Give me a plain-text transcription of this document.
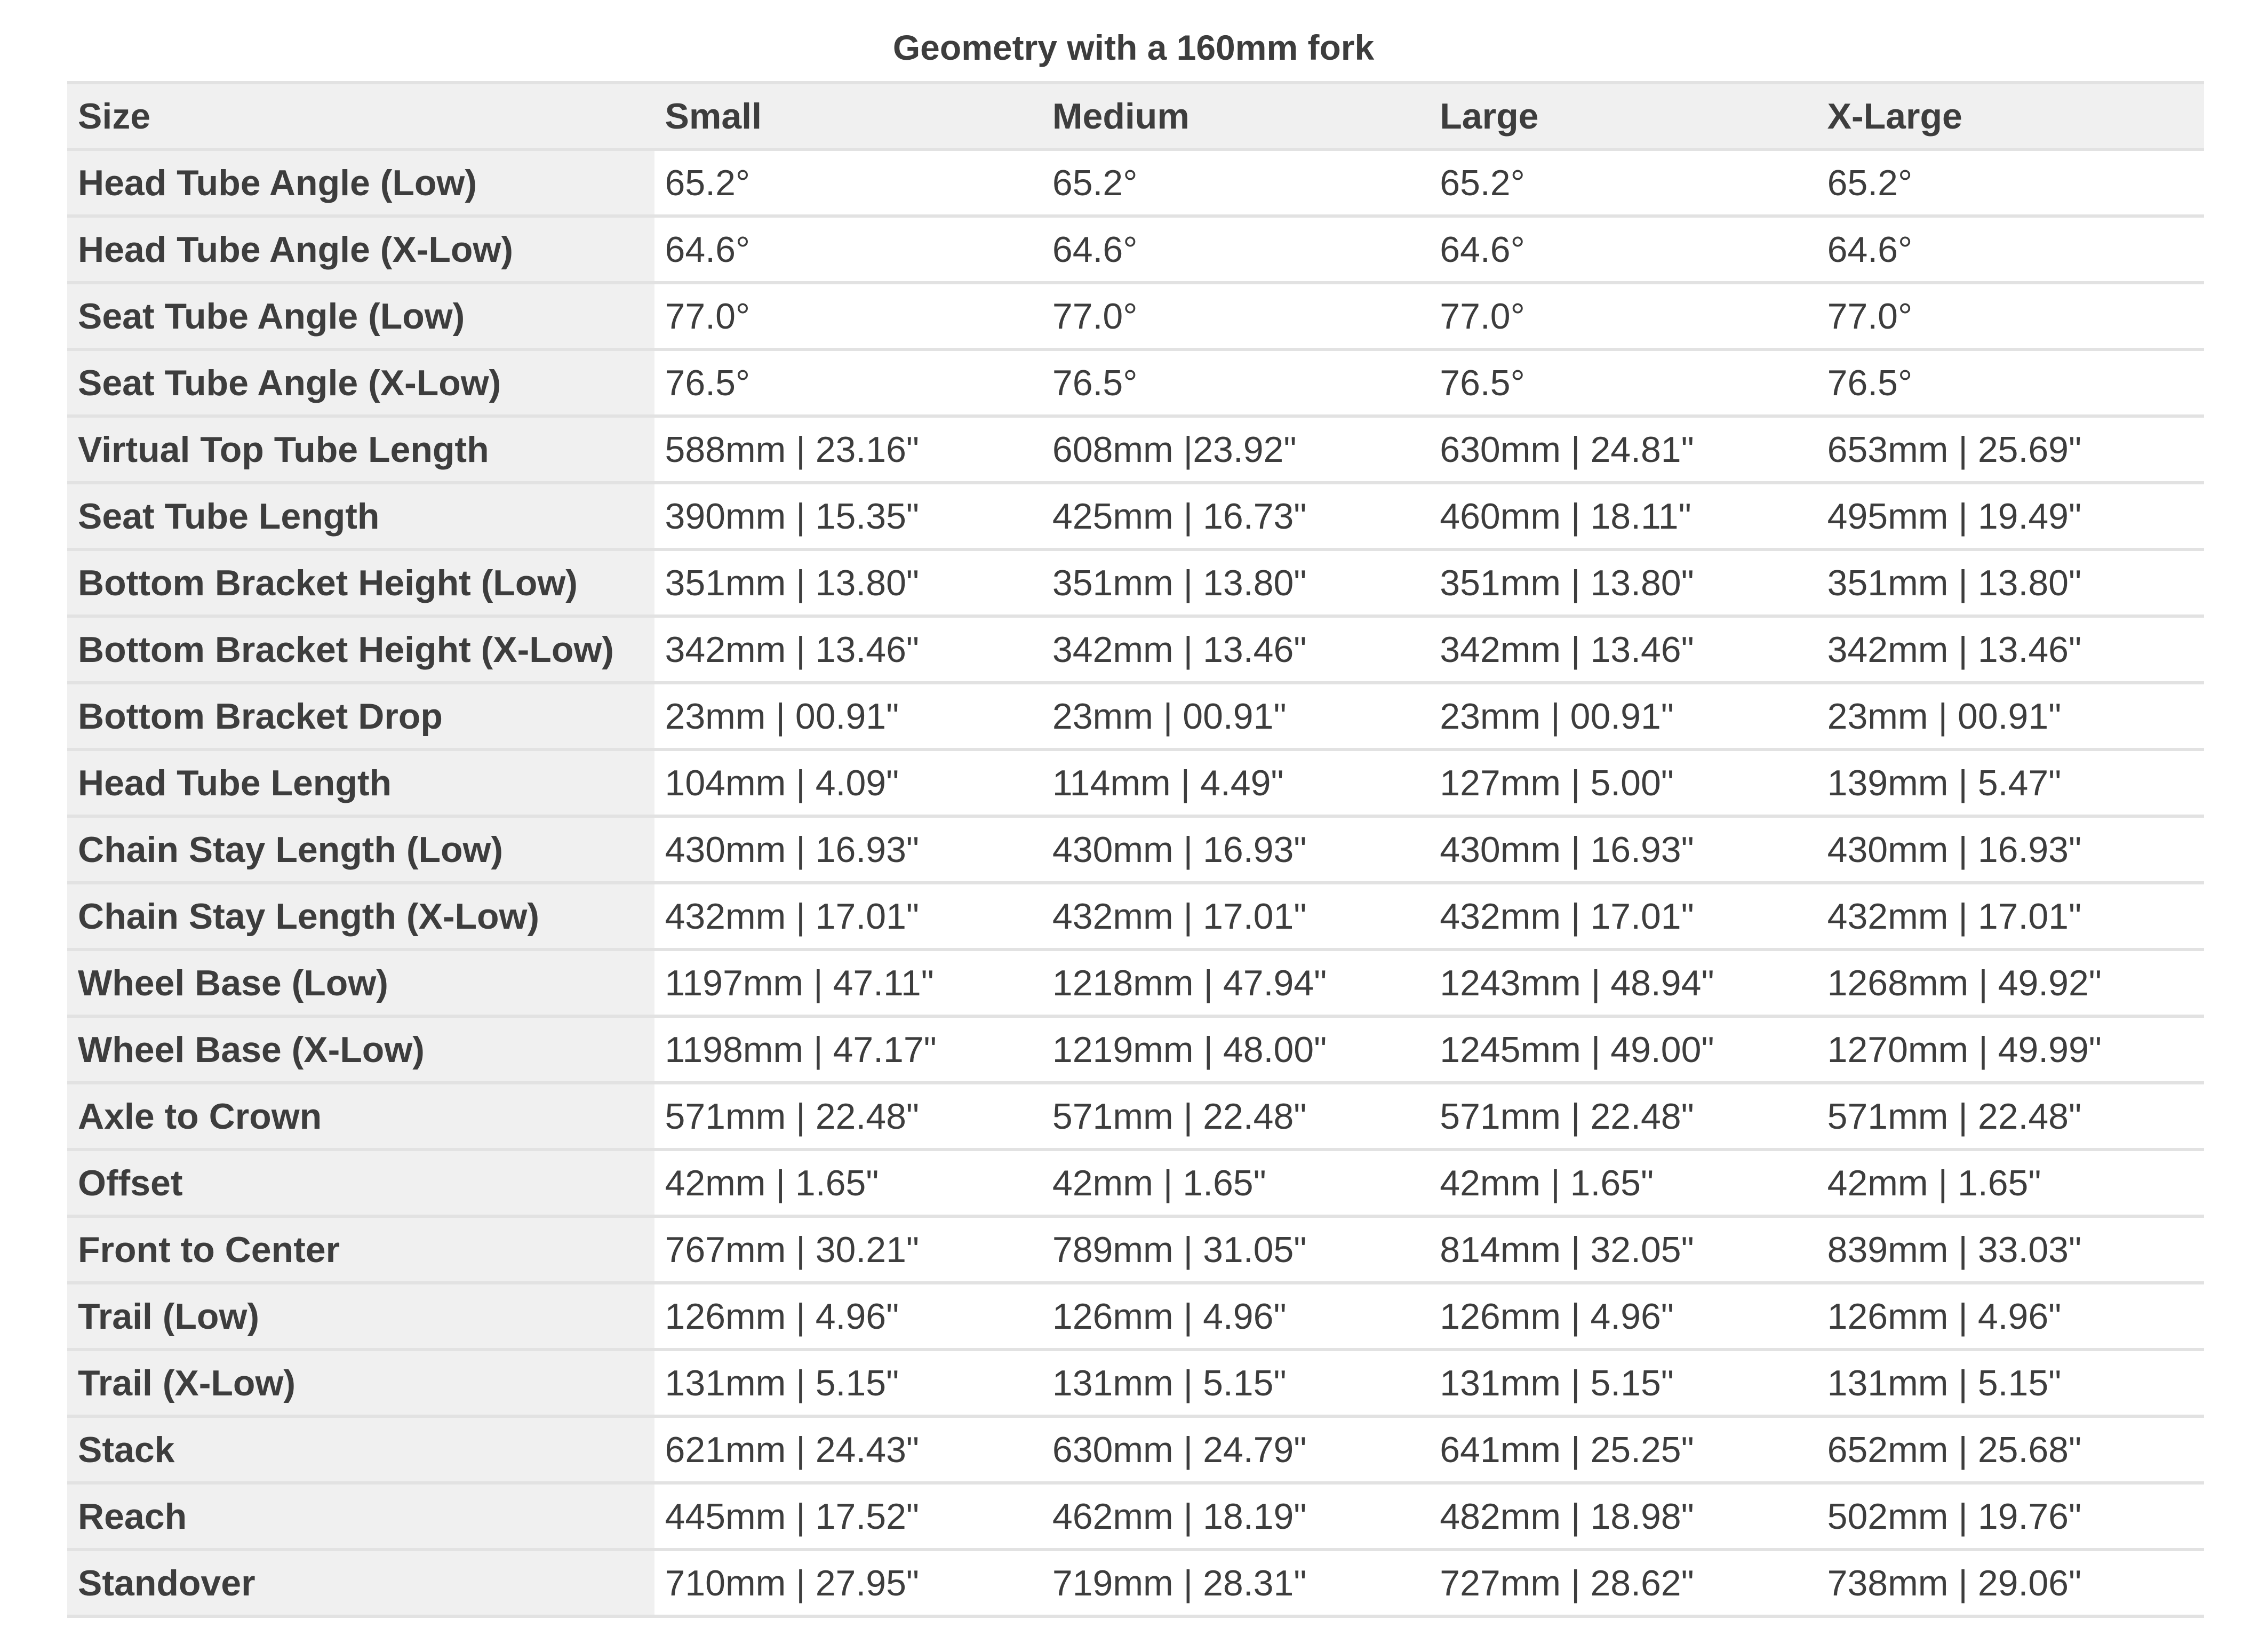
Geometry with a 160mm fork
Size	Small	Medium	Large	X-Large
Head Tube Angle (Low)	65.2°	65.2°	65.2°	65.2°
Head Tube Angle (X-Low)	64.6°	64.6°	64.6°	64.6°
Seat Tube Angle (Low)	77.0°	77.0°	77.0°	77.0°
Seat Tube Angle (X-Low)	76.5°	76.5°	76.5°	76.5°
Virtual Top Tube Length	588mm | 23.16"	608mm |23.92"	630mm | 24.81"	653mm | 25.69"
Seat Tube Length	390mm | 15.35"	425mm | 16.73"	460mm | 18.11"	495mm | 19.49"
Bottom Bracket Height (Low)	351mm | 13.80"	351mm | 13.80"	351mm | 13.80"	351mm | 13.80"
Bottom Bracket Height (X-Low)	342mm | 13.46"	342mm | 13.46"	342mm | 13.46"	342mm | 13.46"
Bottom Bracket Drop	23mm | 00.91"	23mm | 00.91"	23mm | 00.91"	23mm | 00.91"
Head Tube Length	104mm | 4.09"	114mm | 4.49"	127mm | 5.00"	139mm | 5.47"
Chain Stay Length (Low)	430mm | 16.93"	430mm | 16.93"	430mm | 16.93"	430mm | 16.93"
Chain Stay Length (X-Low)	432mm | 17.01"	432mm | 17.01"	432mm | 17.01"	432mm | 17.01"
Wheel Base (Low)	1197mm | 47.11"	1218mm | 47.94"	1243mm | 48.94"	1268mm | 49.92"
Wheel Base (X-Low)	1198mm | 47.17"	1219mm | 48.00"	1245mm | 49.00"	1270mm | 49.99"
Axle to Crown	571mm | 22.48"	571mm | 22.48"	571mm | 22.48"	571mm | 22.48"
Offset	42mm | 1.65"	42mm | 1.65"	42mm | 1.65"	42mm | 1.65"
Front to Center	767mm | 30.21"	789mm | 31.05"	814mm | 32.05"	839mm | 33.03"
Trail (Low)	126mm | 4.96"	126mm | 4.96"	126mm | 4.96"	126mm | 4.96"
Trail (X-Low)	131mm | 5.15"	131mm | 5.15"	131mm | 5.15"	131mm | 5.15"
Stack	621mm | 24.43"	630mm | 24.79"	641mm | 25.25"	652mm | 25.68"
Reach	445mm | 17.52"	462mm | 18.19"	482mm | 18.98"	502mm | 19.76"
Standover	710mm | 27.95"	719mm | 28.31"	727mm | 28.62"	738mm | 29.06"
